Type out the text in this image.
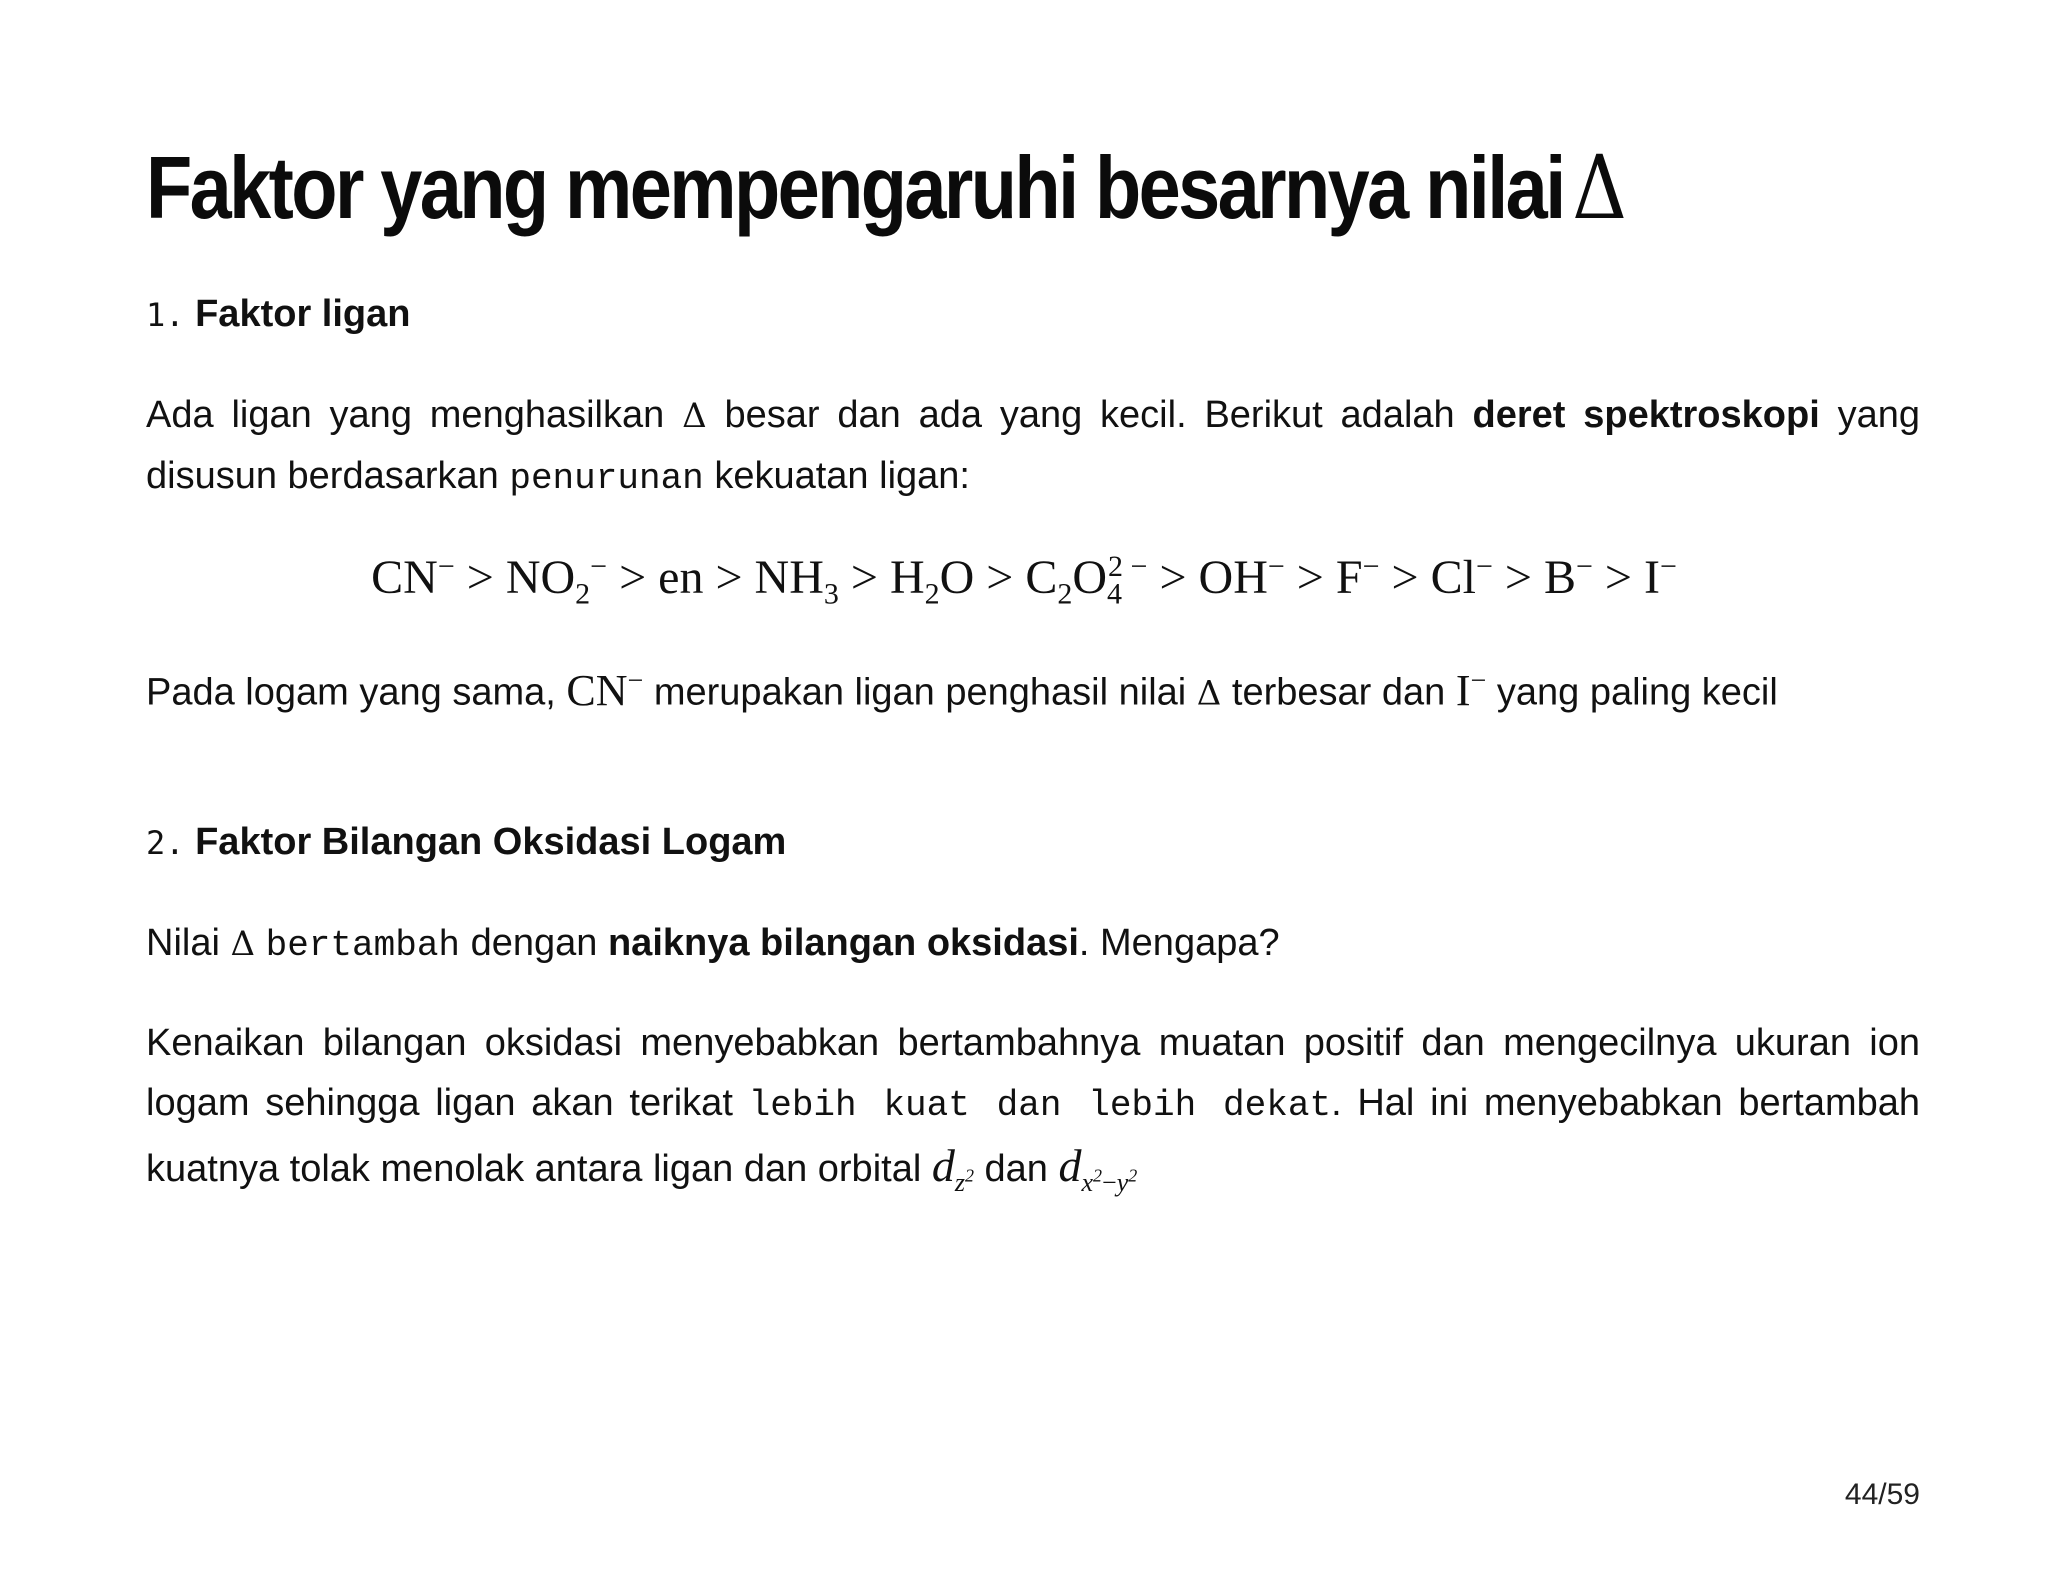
Faktor yang mempengaruhi besarnya nilaiΔ
1. Faktor ligan
Ada ligan yang menghasilkan Δ besar dan ada yang kecil. Berikut adalah deret spektroskopi yang disusun berdasarkan penurunan kekuatan ligan:
$CN^- > NO_2^-$ > en > $NH_3 > H_2O > C_2O_4^{2 -} > OH^- > F^- > Cl^- > B^- > I^-$
Pada logam yang sama, CN− merupakan ligan penghasil nilai Δ terbesar dan I− yang paling kecil
2. Faktor Bilangan Oksidasi Logam
Nilai Δ bertambah dengan naiknya bilangan oksidasi. Mengapa?
Kenaikan bilangan oksidasi menyebabkan bertambahnya muatan positif dan mengecilnya ukuran ion logam sehingga ligan akan terikat lebih kuat dan lebih dekat. Hal ini menyebabkan bertambah kuatnya tolak menolak antara ligan dan orbital $d_{z^2}$ dan $d_{x^2-y^2}$
44/59
